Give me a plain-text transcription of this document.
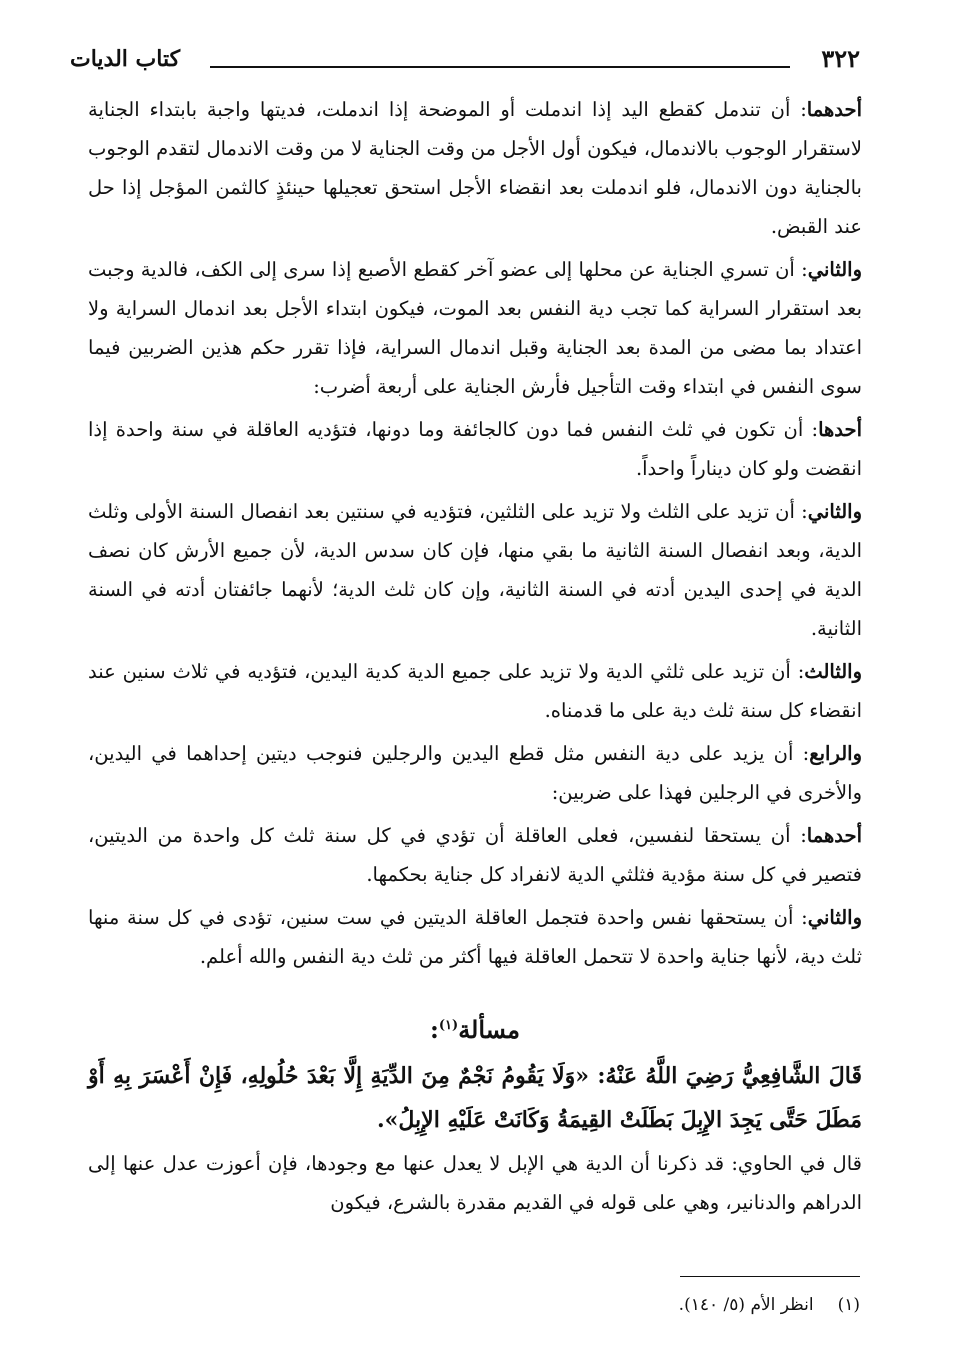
٣٢٢
كتاب الديات

أحدهما: أن تندمل كقطع اليد إذا اندملت أو الموضحة إذا اندملت، فديتها واجبة بابتداء الجناية لاستقرار الوجوب بالاندمال، فيكون أول الأجل من وقت الجناية لا من وقت الاندمال لتقدم الوجوب بالجناية دون الاندمال، فلو اندملت بعد انقضاء الأجل استحق تعجيلها حينئذٍ كالثمن المؤجل إذا حل عند القبض.

والثاني: أن تسري الجناية عن محلها إلى عضو آخر كقطع الأصبع إذا سرى إلى الكف، فالدية وجبت بعد استقرار السراية كما تجب دية النفس بعد الموت، فيكون ابتداء الأجل بعد اندمال السراية ولا اعتداد بما مضى من المدة بعد الجناية وقبل اندمال السراية، فإذا تقرر حكم هذين الضربين فيما سوى النفس في ابتداء وقت التأجيل فأرش الجناية على أربعة أضرب:

أحدها: أن تكون في ثلث النفس فما دون كالجائفة وما دونها، فتؤديه العاقلة في سنة واحدة إذا انقضت ولو كان ديناراً واحداً.

والثاني: أن تزيد على الثلث ولا تزيد على الثلثين، فتؤديه في سنتين بعد انفصال السنة الأولى وثلث الدية، وبعد انفصال السنة الثانية ما بقي منها، فإن كان سدس الدية، لأن جميع الأرش كان نصف الدية في إحدى اليدين أدته في السنة الثانية، وإن كان ثلث الدية؛ لأنهما جائفتان أدته في السنة الثانية.

والثالث: أن تزيد على ثلثي الدية ولا تزيد على جميع الدية كدية اليدين، فتؤديه في ثلاث سنين عند انقضاء كل سنة ثلث دية على ما قدمناه.

والرابع: أن يزيد على دية النفس مثل قطع اليدين والرجلين فنوجب ديتين إحداهما في اليدين، والأخرى في الرجلين فهذا على ضربين:

أحدهما: أن يستحقا لنفسين، فعلى العاقلة أن تؤدي في كل سنة ثلث كل واحدة من الديتين، فتصير في كل سنة مؤدية فثلثي الدية لانفراد كل جناية بحكمها.

والثاني: أن يستحقها نفس واحدة فتجمل العاقلة الديتين في ست سنين، تؤدى في كل سنة منها ثلث دية، لأنها جناية واحدة لا تتحمل العاقلة فيها أكثر من ثلث دية النفس والله أعلم.

مسألة$^{(١)}$:

قَالَ الشَّافِعِيُّ رَضِيَ اللَّهُ عَنْهُ: «وَلَا يَقُومُ نَجْمٌ مِنَ الدِّيَةِ إِلَّا بَعْدَ حُلُولِهِ، فَإِنْ أَعْسَرَ بِهِ أَوْ مَطَلَ حَتَّى يَجِدَ الإِبِلَ بَطَلَتْ القِيمَةُ وَكَانَتْ عَلَيْهِ الإِبِلُ».

قال في الحاوي: قد ذكرنا أن الدية هي الإبل لا يعدل عنها مع وجودها، فإن أعوزت عدل عنها إلى الدراهم والدنانير، وهي على قوله في القديم مقدرة بالشرع، فيكون

(١)انظر الأم (٥/ ١٤٠).
